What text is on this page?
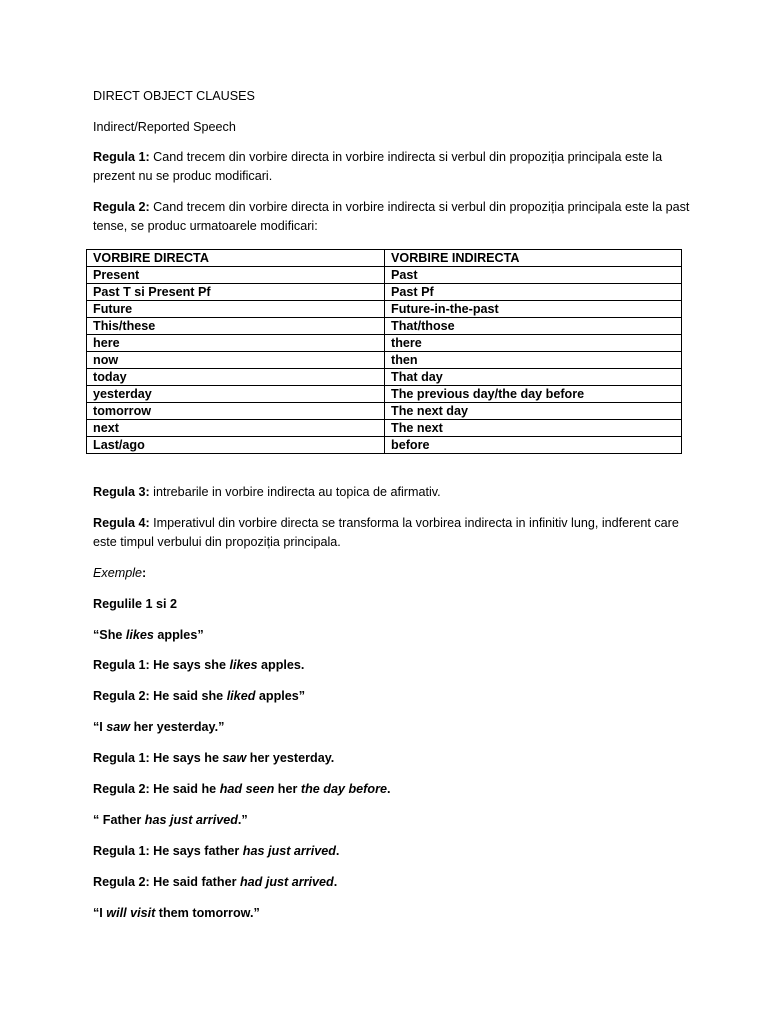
DIRECT OBJECT CLAUSES

Indirect/Reported Speech

Regula 1: Cand trecem din vorbire directa in vorbire indirecta si verbul din propoziția principala este la prezent nu se produc modificari.

Regula 2: Cand trecem din vorbire directa in vorbire indirecta si verbul din propoziția principala este la past tense, se produc urmatoarele modificari:

VORBIRE DIRECTA	VORBIRE INDIRECTA
Present	Past
Past T si Present Pf	Past Pf
Future	Future-in-the-past
This/these	That/those
here	there
now	then
today	That day
yesterday	The previous day/the day before
tomorrow	The next day
next	The next
Last/ago	before

Regula 3: intrebarile in vorbire indirecta au topica de afirmativ.

Regula 4: Imperativul din vorbire directa se transforma la vorbirea indirecta in infinitiv lung, indferent care este timpul verbului din propoziția principala.

Exemple:

Regulile 1 si 2

“She likes apples”

Regula 1: He says she likes apples.

Regula 2: He said she liked apples”

“I saw her yesterday.”

Regula 1: He says he saw her yesterday.

Regula 2: He said he had seen her the day before.

“ Father has just arrived.”

Regula 1: He says father has just arrived.

Regula 2: He said father had just arrived.

“I will visit them tomorrow.”
